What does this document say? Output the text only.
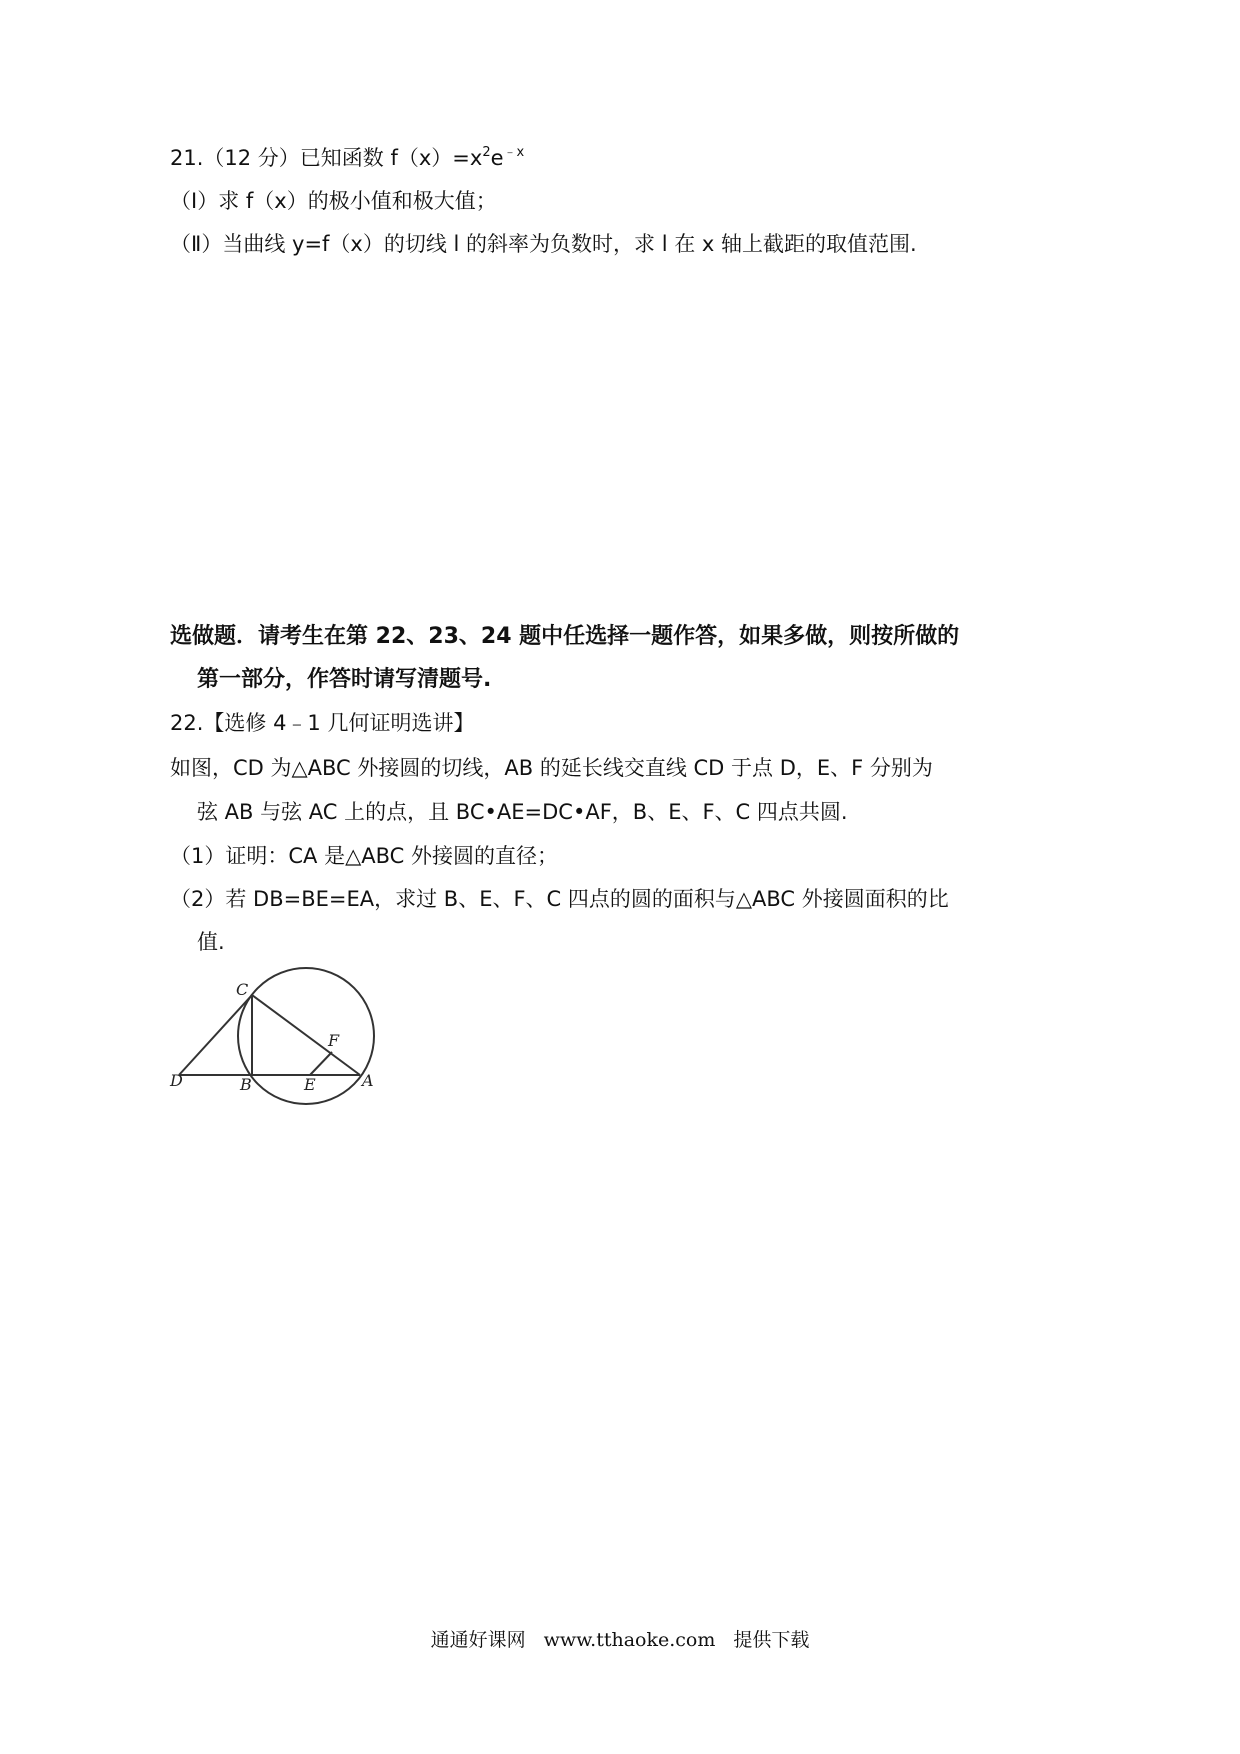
21.（12 分）已知函数 $f(x)=x^2e^{﹣x}$
（Ⅰ）求 f（x）的极小值和极大值；
（Ⅱ）当曲线 y=f（x）的切线 l 的斜率为负数时，求 l 在 x 轴上截距的取值范围.
选做题．请考生在第 22、23、24 题中任选择一题作答，如果多做，则按所做的
第一部分，作答时请写清题号.
22.【选修 4﹣1 几何证明选讲】
如图，CD 为△ABC 外接圆的切线，AB 的延长线交直线 CD 于点 D，E、F 分别为
弦 AB 与弦 AC 上的点，且 BC•AE=DC•AF，B、E、F、C 四点共圆.
（1）证明：CA 是△ABC 外接圆的直径；
（2）若 DB=BE=EA，求过 B、E、F、C 四点的圆的面积与△ABC 外接圆面积的比
值.
C
F
D	B	E	A
通通好课网 www.tthaoke.com 提供下载
